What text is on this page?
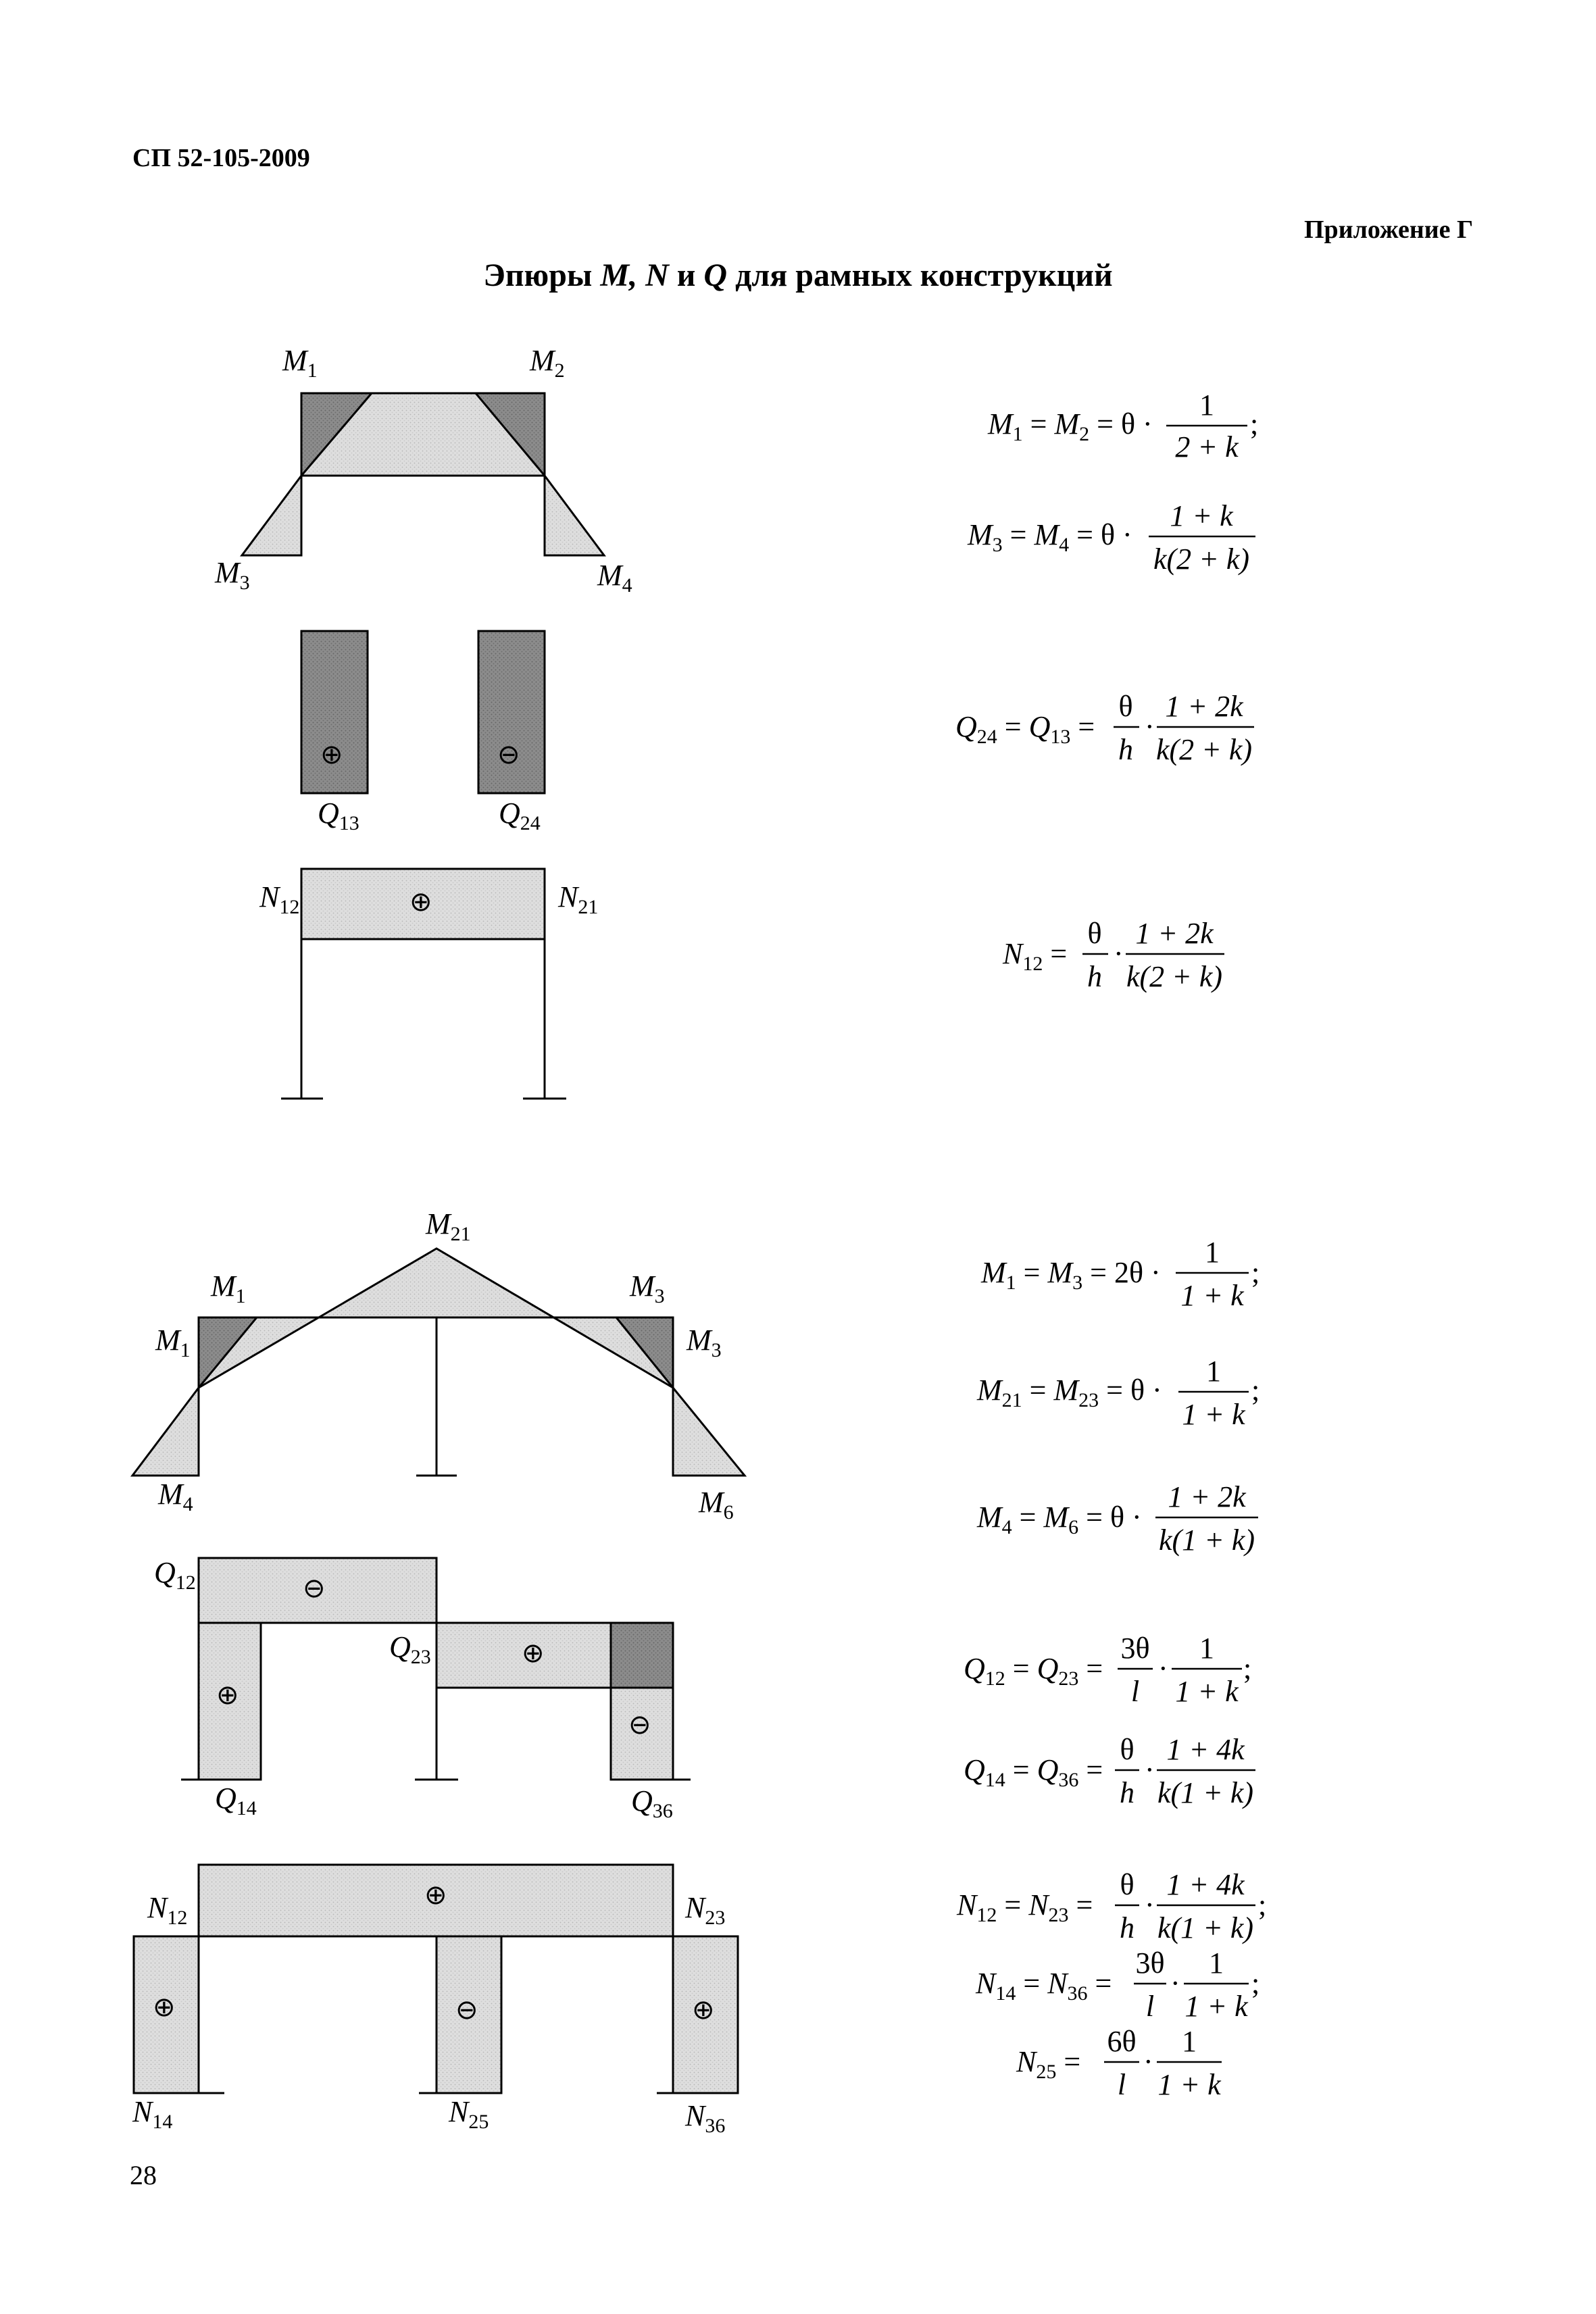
СП 52-105-2009
Приложение Г
Эпюры M, N и Q для рамных конструкций
$M_1$	$M_2$
$M_3$	$M_4$
⊕	⊖
$Q_{13}$	$Q_{24}$
⊕
$N_{12}$	$N_{21}$
$M_{21}$
$M_1$
$M_1$
$M_3$
$M_3$
$M_4$	$M_6$
⊖
⊕
⊕
⊖
$Q_{12}$
$Q_{23}$
$Q_{14}$	$Q_{36}$
⊕
⊕	⊖	⊕
$N_{12}$	$N_{23}$
$N_{14}$	$N_{25}$	$N_{36}$
$M_1 = M_2 = \theta$ ·
1
2 + k
;
$M_3 = M_4 = \theta$ ·
1 + k
k(2 + k)
$Q_{24} = Q_{13}$ =
θ
h
·
1 + 2k
k(2 + k)
$N_{12}$ =
θ
h
·
1 + 2k
k(2 + k)
$M_1 = M_3 = 2\theta$ ·
1
1 + k
;
$M_{21} = M_{23} = \theta$ ·
1
1 + k
;
$M_4 = M_6 = \theta$ ·
1 + 2k
k(1 + k)
$Q_{12} = Q_{23}$ =
3θ
l
·
1
1 + k
;
$Q_{14} = Q_{36}$ =
θ
h
·
1 + 4k
k(1 + k)
$N_{12} = N_{23}$ =
θ
h
·
1 + 4k
k(1 + k)
;
$N_{14} = N_{36}$ =
3θ
l
·
1
1 + k
;
$N_{25}$ =
6θ
l
·
1
1 + k
28
